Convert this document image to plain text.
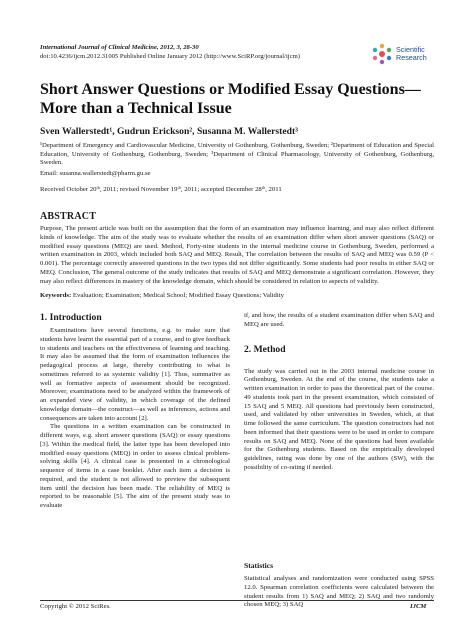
International Journal of Clinical Medicine, 2012, 3, 28-30
doi:10.4236/ijcm.2012.31005 Published Online January 2012 (http://www.SciRP.org/journal/ijcm)
Scientific
Research
Short Answer Questions or Modified Essay Questions—More than a Technical Issue
Sven Wallerstedt¹, Gudrun Erickson², Susanna M. Wallerstedt³
¹Department of Emergency and Cardiovascular Medicine, University of Gothenburg, Gothenburg, Sweden; ²Department of Education and Special Education, University of Gothenburg, Gothenburg, Sweden; ³Department of Clinical Pharmacology, University of Gothenburg, Gothenburg, Sweden.
Email: susanna.wallerstedt@pharm.gu.se
Received October 20ᵗʰ, 2011; revised November 19ᵗʰ, 2011; accepted December 28ᵗʰ, 2011
ABSTRACT
Purpose, The present article was built on the assumption that the form of an examination may influence learning, and may also reflect different kinds of knowledge. The aim of the study was to evaluate whether the results of an examination differ when short answer questions (SAQ) or modified essay questions (MEQ) are used. Method, Forty-nine students in the internal medicine course in Gothenburg, Sweden, performed a written examination in 2003, which included both SAQ and MEQ. Result, The correlation between the results of SAQ and MEQ was 0.59 (P < 0.001). The percentage correctly answered questions in the two types did not differ significantly. Some students had poor results in either SAQ or MEQ. Conclusion, The general outcome of the study indicates that results of SAQ and MEQ demonstrate a significant correlation. However, they may also reflect differences in mastery of the knowledge domain, which should be considered in relation to aspects of validity.
Keywords: Evaluation; Examination; Medical School; Modified Essay Questions; Validity
1. Introduction

Examinations have several functions, e.g. to make sure that students have learnt the essential part of a course, and to give feedback to students and teachers on the effectiveness of learning and teaching. It may also be assumed that the form of examination influences the pedagogical process at large, thereby contributing to what is sometimes referred to as systemic validity [1]. Thus, summative as well as formative aspects of assessment should be recognized. Moreover, examinations need to be analyzed within the framework of an expanded view of validity, in which coverage of the defined knowledge domain—the construct—as well as inferences, actions and consequences are taken into account [2].

The questions in a written examination can be constructed in different ways, e.g. short answer questions (SAQ) or essay questions [3]. Within the medical field, the latter type has been developed into modified essay questions (MEQ) in order to assess clinical problem-solving skills [4]. A clinical case is presented in a chronological sequence of items in a case booklet. After each item a decision is required, and the student is not allowed to preview the subsequent item until the decision has been made. The reliability of MEQ is reported to be reasonable [5]. The aim of the present study was to evaluate

if, and how, the results of a student examination differ when SAQ and MEQ are used.
2. Method

The study was carried out in the 2003 internal medicine course in Gothenburg, Sweden. At the end of the course, the students take a written examination in order to pass the theoretical part of the course. 49 students took part in the present examination, which consisted of 15 SAQ and 5 MEQ. All questions had previously been constructed, used, and validated by other universities in Sweden, which, at that time followed the same curriculum. The question constructors had not been informed that their questions were to be used in order to compare results on SAQ and MEQ. None of the questions had been available for the Gothenburg students. Based on the empirically developed guidelines, rating was done by one of the authors (SW), with the possibility of co-rating if needed.

Statistics
Statistical analyses and randomization were conducted using SPSS 12.0. Spearman correlation coefficients were calculated between the student results from 1) SAQ and MEQ; 2) SAQ and two randomly chosen MEQ; 3) SAQ
Copyright © 2012 SciRes.	IJCM
